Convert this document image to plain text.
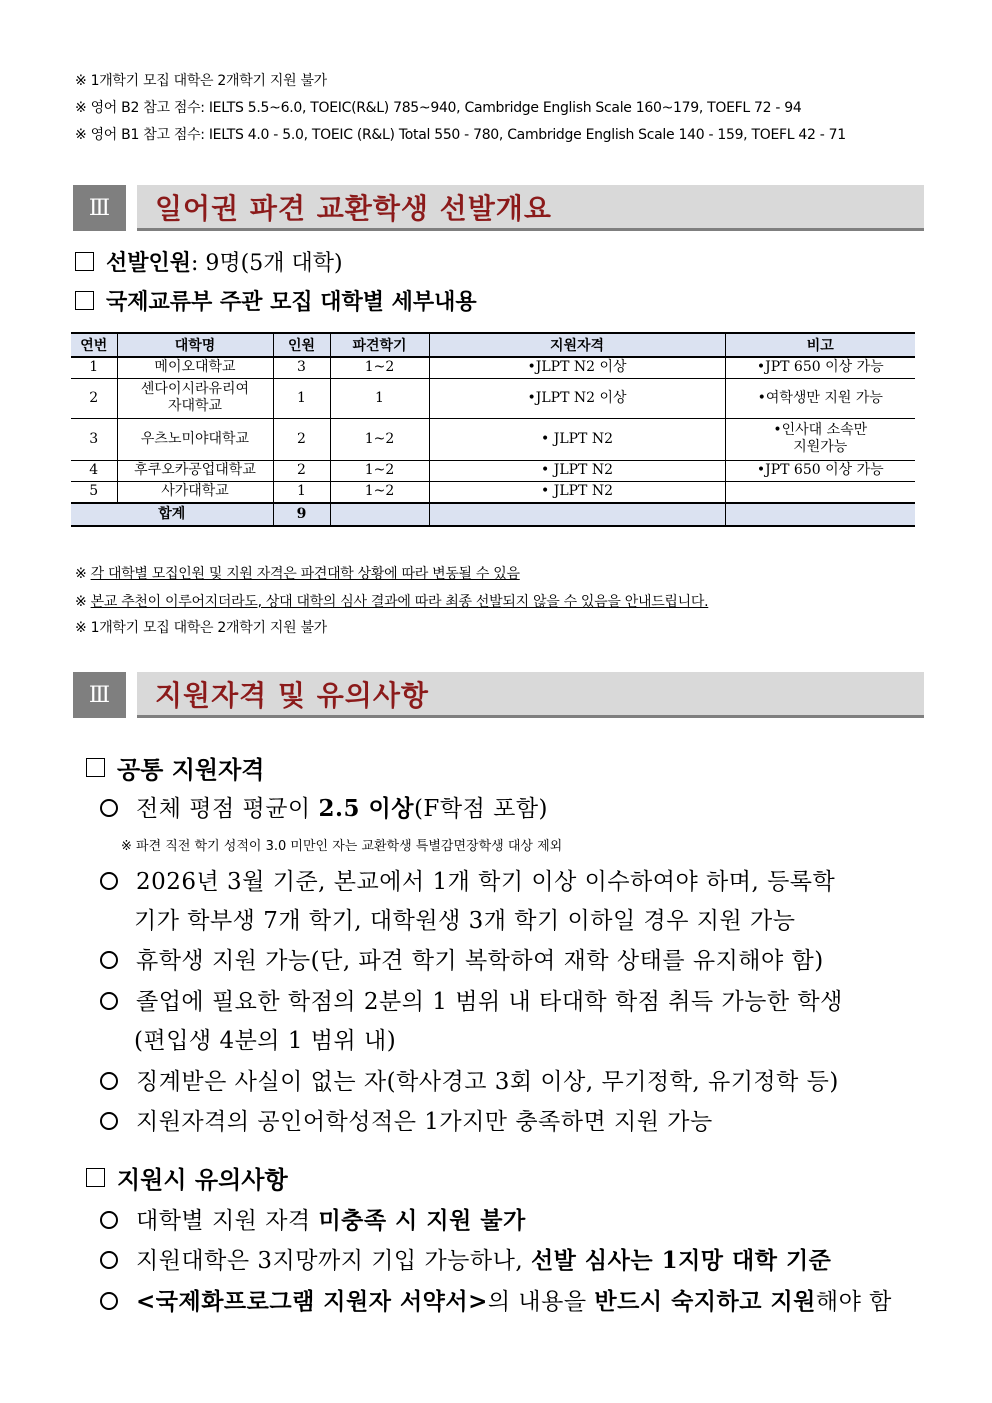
※ 1개학기 모집 대학은 2개학기 지원 불가
※ 영어 B2 참고 점수: IELTS 5.5~6.0, TOEIC(R&L) 785~940, Cambridge English Scale 160~179, TOEFL 72 - 94
※ 영어 B1 참고 점수: IELTS 4.0 - 5.0, TOEIC (R&L) Total 550 - 780, Cambridge English Scale 140 - 159, TOEFL 42 - 71
Ⅲ	일어권 파견 교환학생 선발개요
선발인원 : 9명(5개 대학)
국제교류부 주관 모집 대학별 세부내용
연번	대학명	인원	파견학기	지원자격	비고
1	메이오대학교	3	1~2	•JLPT N2 이상	•JPT 650 이상 가능
2	센다이시라유리여
자대학교	1	1	•JLPT N2 이상	•여학생만 지원 가능
3	우츠노미야대학교	2	1~2	• JLPT N2	•인사대 소속만
지원가능
4	후쿠오카공업대학교	2	1~2	• JLPT N2	•JPT 650 이상 가능
5	사가대학교	1	1~2	• JLPT N2	
합계		9			
※ 각 대학별 모집인원 및 지원 자격은 파견대학 상황에 따라 변동될 수 있음
※ 본교 추천이 이루어지더라도, 상대 대학의 심사 결과에 따라 최종 선발되지 않을 수 있음을 안내드립니다.
※ 1개학기 모집 대학은 2개학기 지원 불가
Ⅲ	지원자격 및 유의사항
공통 지원자격
전체 평점 평균이 2.5 이상(F학점 포함)
※ 파견 직전 학기 성적이 3.0 미만인 자는 교환학생 특별감면장학생 대상 제외
2026년 3월 기준, 본교에서 1개 학기 이상 이수하여야 하며, 등록학
기가 학부생 7개 학기, 대학원생 3개 학기 이하일 경우 지원 가능
휴학생 지원 가능(단, 파견 학기 복학하여 재학 상태를 유지해야 함)
졸업에 필요한 학점의 2분의 1 범위 내 타대학 학점 취득 가능한 학생
(편입생 4분의 1 범위 내)
징계받은 사실이 없는 자(학사경고 3회 이상, 무기정학, 유기정학 등)
지원자격의 공인어학성적은 1가지만 충족하면 지원 가능
지원시 유의사항
대학별 지원 자격 미충족 시 지원 불가
지원대학은 3지망까지 기입 가능하나, 선발 심사는 1지망 대학 기준
<국제화프로그램 지원자 서약서>의 내용을 반드시 숙지하고 지원해야 함
